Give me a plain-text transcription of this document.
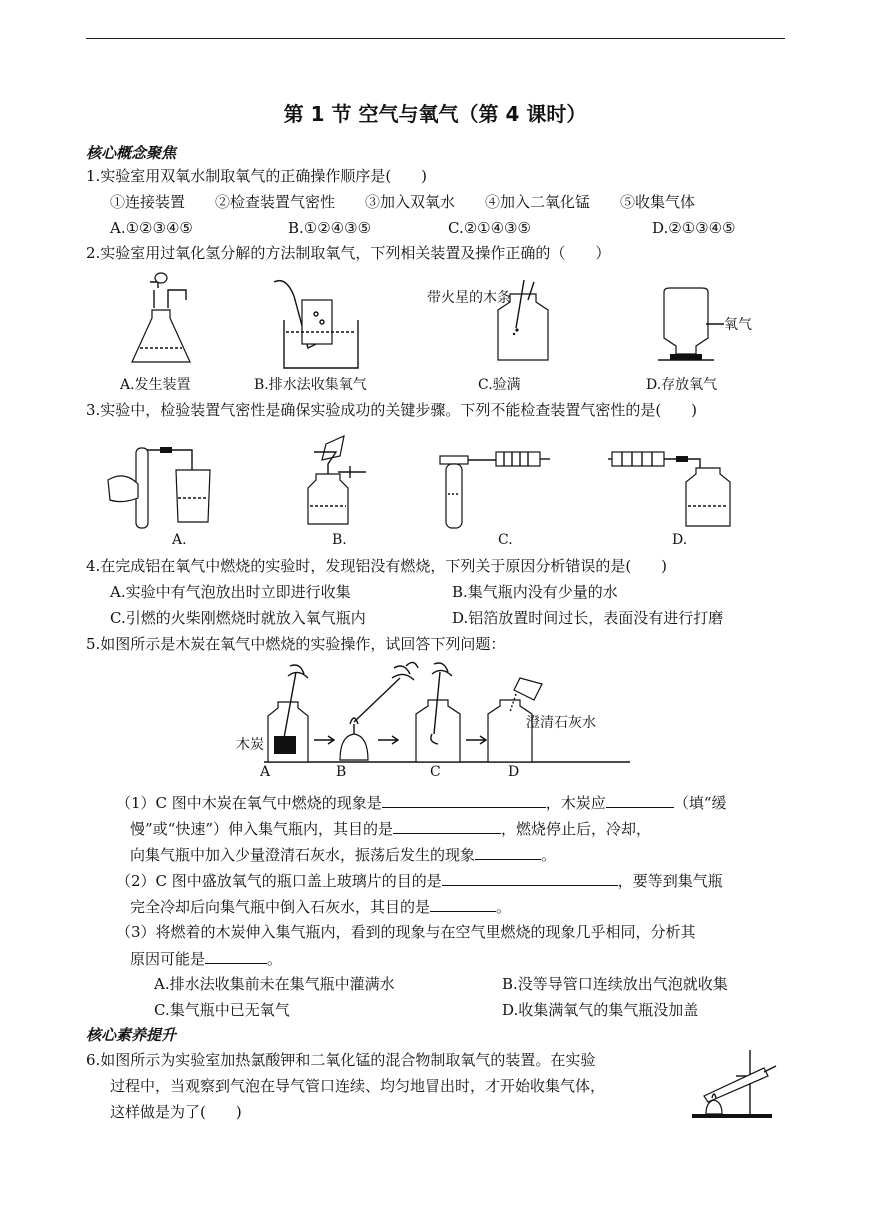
第 1 节 空气与氧气（第 4 课时）
核心概念聚焦
1.实验室用双氧水制取氧气的正确操作顺序是(　　)
①连接装置　　②检查装置气密性　　③加入双氧水　　④加入二氧化锰　　⑤收集气体
A.①②③④⑤	B.①②④③⑤	C.②①④③⑤	D.②①③④⑤
2.实验室用过氧化氢分解的方法制取氧气，下列相关装置及操作正确的（　　）
带火星的木条
氧气
A.发生装置	B.排水法收集氧气	C.验满	D.存放氧气
3.实验中，检验装置气密性是确保实验成功的关键步骤。下列不能检查装置气密性的是(　　)
A.	B.	C.	D.
4.在完成铝在氧气中燃烧的实验时，发现铝没有燃烧，下列关于原因分析错误的是(　　)
A.实验中有气泡放出时立即进行收集	B.集气瓶内没有少量的水
C.引燃的火柴刚燃烧时就放入氧气瓶内	D.铝箔放置时间过长，表面没有进行打磨
5.如图所示是木炭在氧气中燃烧的实验操作，试回答下列问题：
木炭
澄清石灰水
A	B	C	D
（1）C 图中木炭在氧气中燃烧的现象是	，木炭应	（填“缓
慢”或“快速”）伸入集气瓶内，其目的是	，燃烧停止后，冷却，
向集气瓶中加入少量澄清石灰水，振荡后发生的现象	。
（2）C 图中盛放氧气的瓶口盖上玻璃片的目的是	，要等到集气瓶
完全冷却后向集气瓶中倒入石灰水，其目的是	。
（3）将燃着的木炭伸入集气瓶内，看到的现象与在空气里燃烧的现象几乎相同，分析其
原因可能是	。
A.排水法收集前未在集气瓶中灌满水	B.没等导管口连续放出气泡就收集
C.集气瓶中已无氧气	D.收集满氧气的集气瓶没加盖
核心素养提升
6.如图所示为实验室加热氯酸钾和二氧化锰的混合物制取氧气的装置。在实验
过程中，当观察到气泡在导气管口连续、均匀地冒出时，才开始收集气体，
这样做是为了(　　)
